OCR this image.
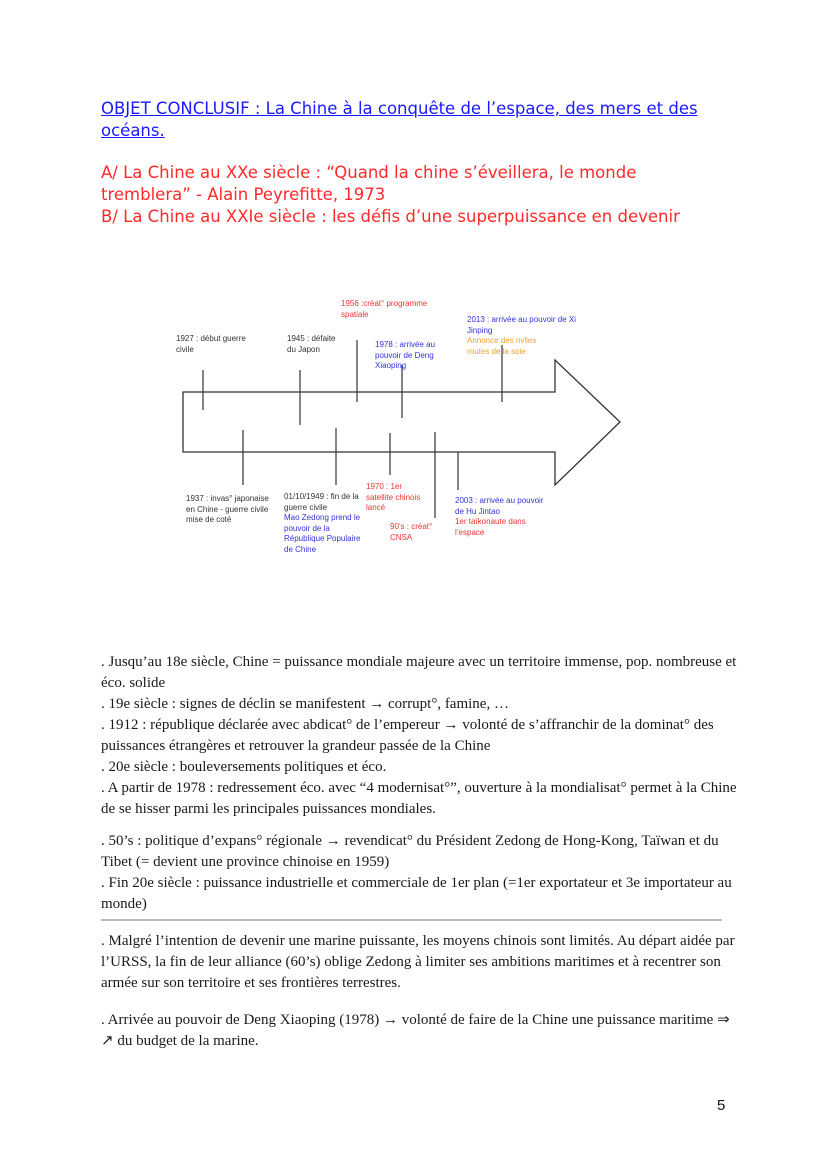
OBJET CONCLUSIF : La Chine à la conquête de l’espace, des mers et des océans.
A/ La Chine au XXe siècle : “Quand la chine s’éveillera, le monde tremblera” - Alain Peyrefitte, 1973
B/ La Chine au XXIe siècle : les défis d’une superpuissance en devenir
1927 : début guerre civile
1945 : défaite du Japon
1956 :créat° programme spatiale
1978 : arrivée au pouvoir de Deng Xiaoping
2013 : arrivée au pouvoir de Xi Jinping
Annonce des nvlles routes de la soie
1937 : invas° japonaise en Chine - guerre civile mise de coté
01/10/1949 : fin de la guerre civile
Mao Zedong prend le pouvoir de la République Populaire de Chine
1970 : 1er satellite chinois lancé
90’s : créat° CNSA
2003 : arrivée au pouvoir de Hu Jintao
1er taïkonaute dans l’espace

. Jusqu’au 18e siècle, Chine = puissance mondiale majeure avec un territoire immense, pop. nombreuse et éco. solide

. 19e siècle : signes de déclin se manifestent → corrupt°, famine, …

. 1912 : république déclarée avec abdicat° de l’empereur → volonté de s’affranchir de la dominat° des puissances étrangères et retrouver la grandeur passée de la Chine

. 20e siècle : bouleversements politiques et éco.

. A partir de 1978 : redressement éco. avec “4 modernisat°”, ouverture à la mondialisat° permet à la Chine de se hisser parmi les principales puissances mondiales.

. 50’s : politique d’expans° régionale → revendicat° du Président Zedong de Hong-Kong, Taïwan et du Tibet (= devient une province chinoise en 1959)

. Fin 20e siècle : puissance industrielle et commerciale de 1er plan (=1er exportateur et 3e importateur au monde)

. Malgré l’intention de devenir une marine puissante, les moyens chinois sont limités. Au départ aidée par l’URSS, la fin de leur alliance (60’s) oblige Zedong à limiter ses ambitions maritimes et à recentrer son armée sur son territoire et ses frontières terrestres.
. Arrivée au pouvoir de Deng Xiaoping (1978) → volonté de faire de la Chine une puissance maritime ⇒ ↗ du budget de la marine.
5
